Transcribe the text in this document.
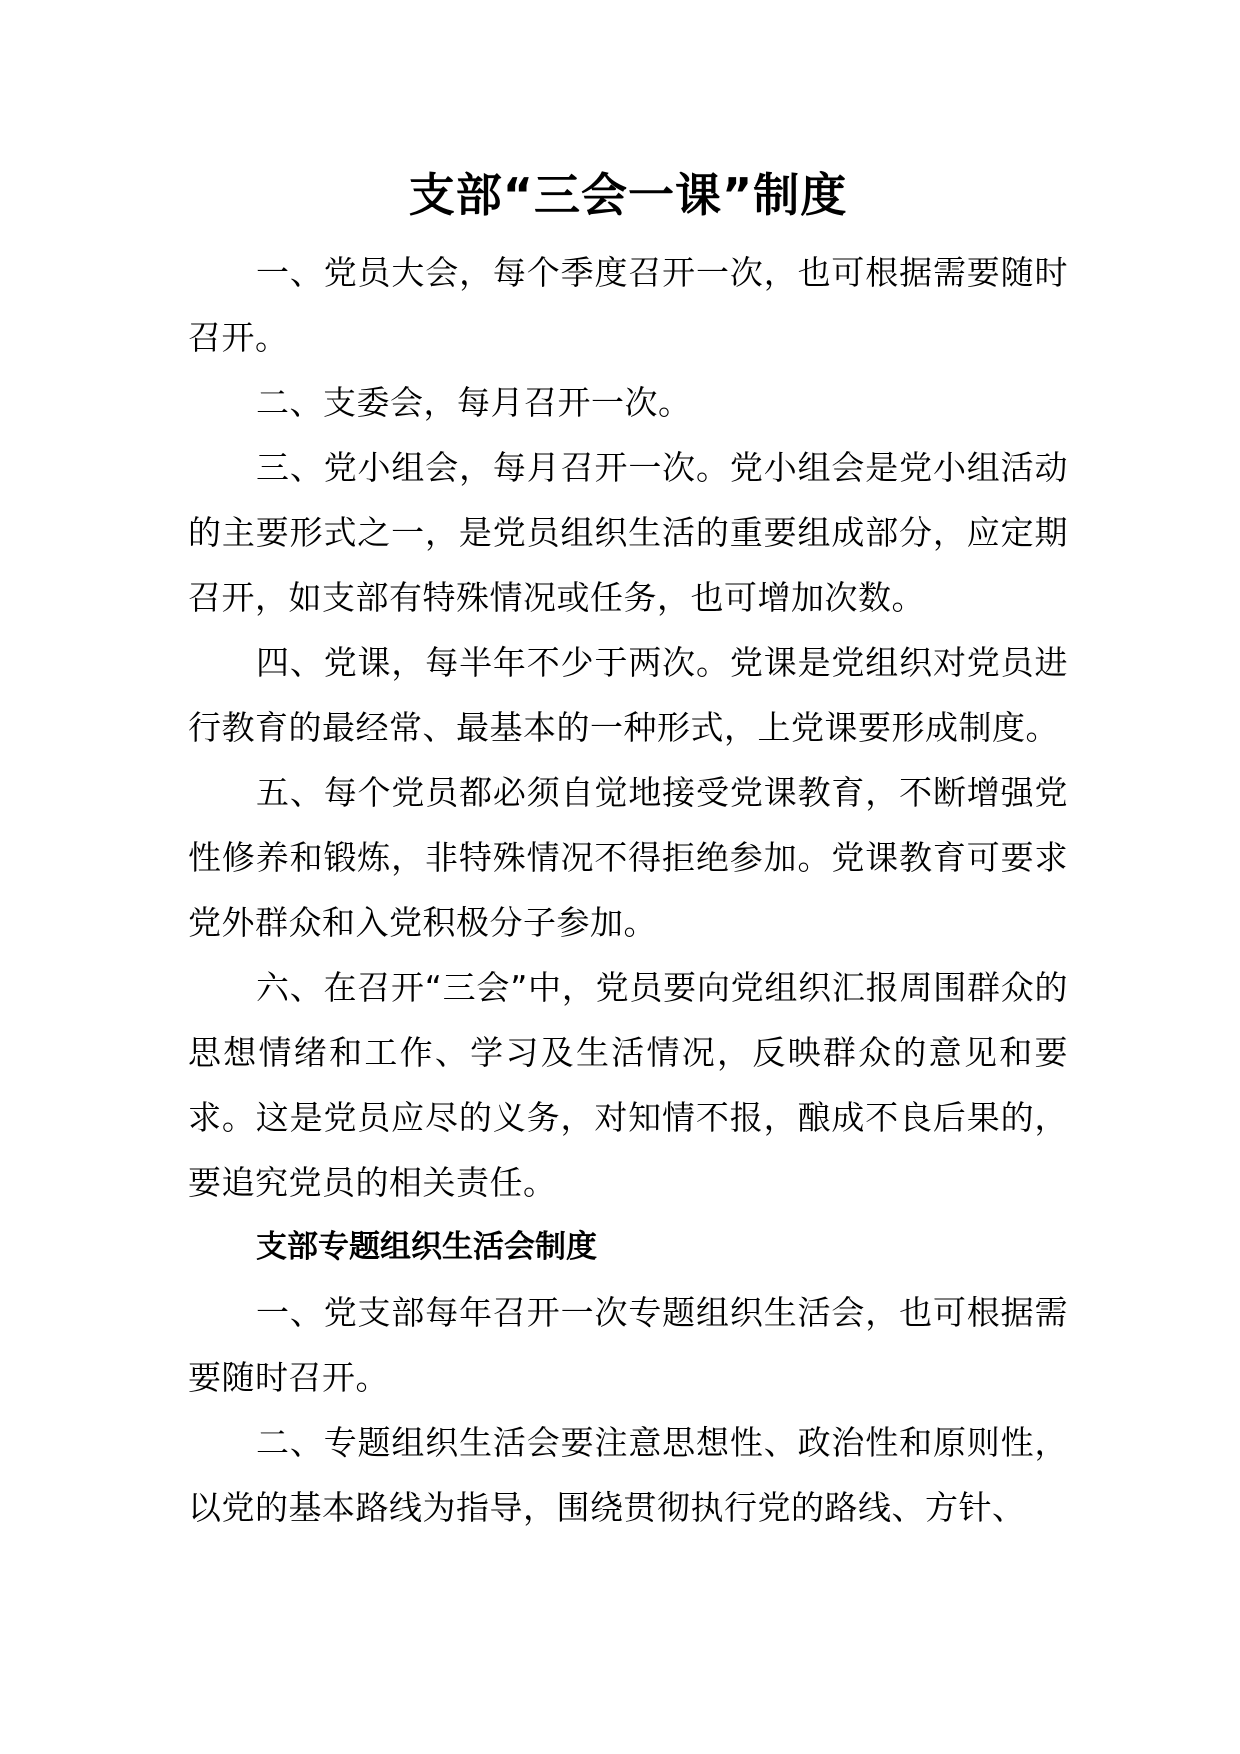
支部“三会一课”制度

一、党员大会，每个季度召开一次，也可根据需要随时召开。

二、支委会，每月召开一次。

三、党小组会，每月召开一次。党小组会是党小组活动的主要形式之一，是党员组织生活的重要组成部分，应定期召开，如支部有特殊情况或任务，也可增加次数。

四、党课，每半年不少于两次。党课是党组织对党员进行教育的最经常、最基本的一种形式，上党课要形成制度。

五、每个党员都必须自觉地接受党课教育，不断增强党性修养和锻炼，非特殊情况不得拒绝参加。党课教育可要求党外群众和入党积极分子参加。

六、在召开“三会”中，党员要向党组织汇报周围群众的思想情绪和工作、学习及生活情况，反映群众的意见和要求。这是党员应尽的义务，对知情不报，酿成不良后果的，要追究党员的相关责任。

支部专题组织生活会制度

一、党支部每年召开一次专题组织生活会，也可根据需要随时召开。

二、专题组织生活会要注意思想性、政治性和原则性，以党的基本路线为指导，围绕贯彻执行党的路线、方针、
